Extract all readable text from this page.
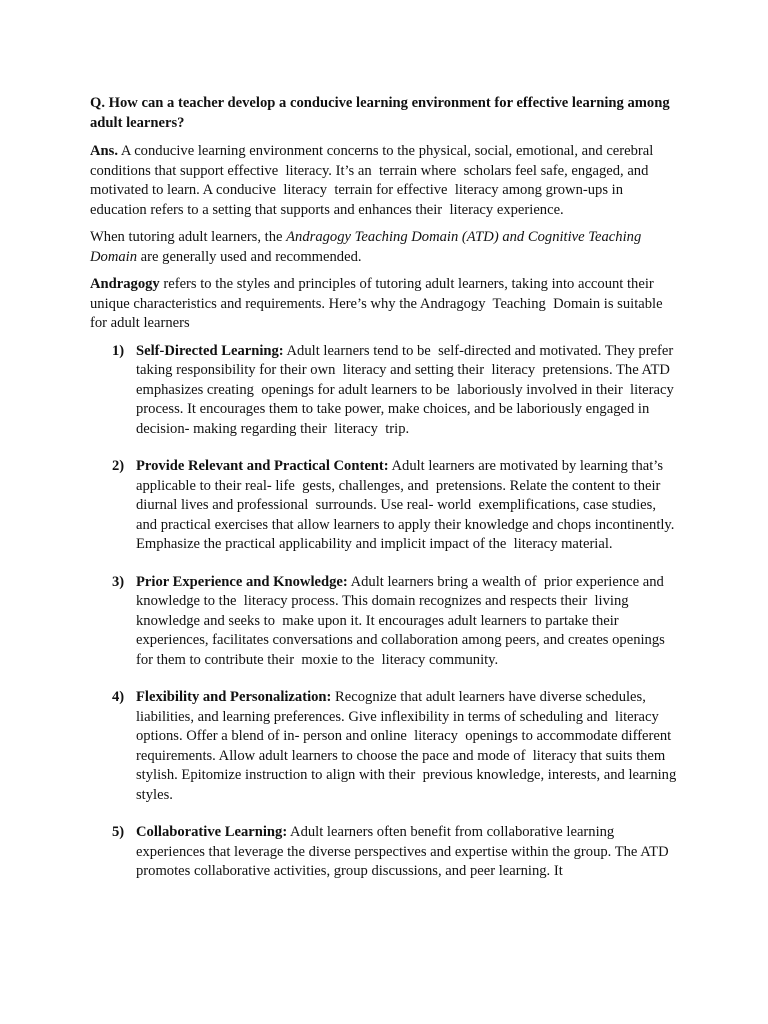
Q. How can a teacher develop a conducive learning environment for effective learning among adult learners?

Ans. A conducive learning environment concerns to the physical, social, emotional, and cerebral conditions that support effective  literacy. It’s an  terrain where  scholars feel safe, engaged, and motivated to learn. A conducive  literacy  terrain for effective  literacy among grown-ups in education refers to a setting that supports and enhances their  literacy experience.

When tutoring adult learners, the Andragogy Teaching Domain (ATD) and Cognitive Teaching Domain are generally used and recommended.

Andragogy refers to the styles and principles of tutoring adult learners, taking into account their unique characteristics and requirements. Here’s why the Andragogy  Teaching  Domain is suitable for adult learners

1) Self-Directed Learning: Adult learners tend to be  self-directed and motivated. They prefer taking responsibility for their own  literacy and setting their  literacy  pretensions. The ATD emphasizes creating  openings for adult learners to be  laboriously involved in their  literacy process. It encourages them to take power, make choices, and be laboriously engaged in decision- making regarding their  literacy  trip.
2) Provide Relevant and Practical Content: Adult learners are motivated by learning that’s applicable to their real- life  gests, challenges, and  pretensions. Relate the content to their diurnal lives and professional  surrounds. Use real- world  exemplifications, case studies, and practical exercises that allow learners to apply their knowledge and chops incontinently. Emphasize the practical applicability and implicit impact of the  literacy material.
3) Prior Experience and Knowledge: Adult learners bring a wealth of  prior experience and knowledge to the  literacy process. This domain recognizes and respects their  living knowledge and seeks to  make upon it. It encourages adult learners to partake their experiences, facilitates conversations and collaboration among peers, and creates openings for them to contribute their  moxie to the  literacy community.
4) Flexibility and Personalization: Recognize that adult learners have diverse schedules, liabilities, and learning preferences. Give inflexibility in terms of scheduling and  literacy options. Offer a blend of in- person and online  literacy  openings to accommodate different  requirements. Allow adult learners to choose the pace and mode of  literacy that suits them stylish. Epitomize instruction to align with their  previous knowledge, interests, and learning styles.
5) Collaborative Learning: Adult learners often benefit from collaborative learning experiences that leverage the diverse perspectives and expertise within the group. The ATD promotes collaborative activities, group discussions, and peer learning. It
